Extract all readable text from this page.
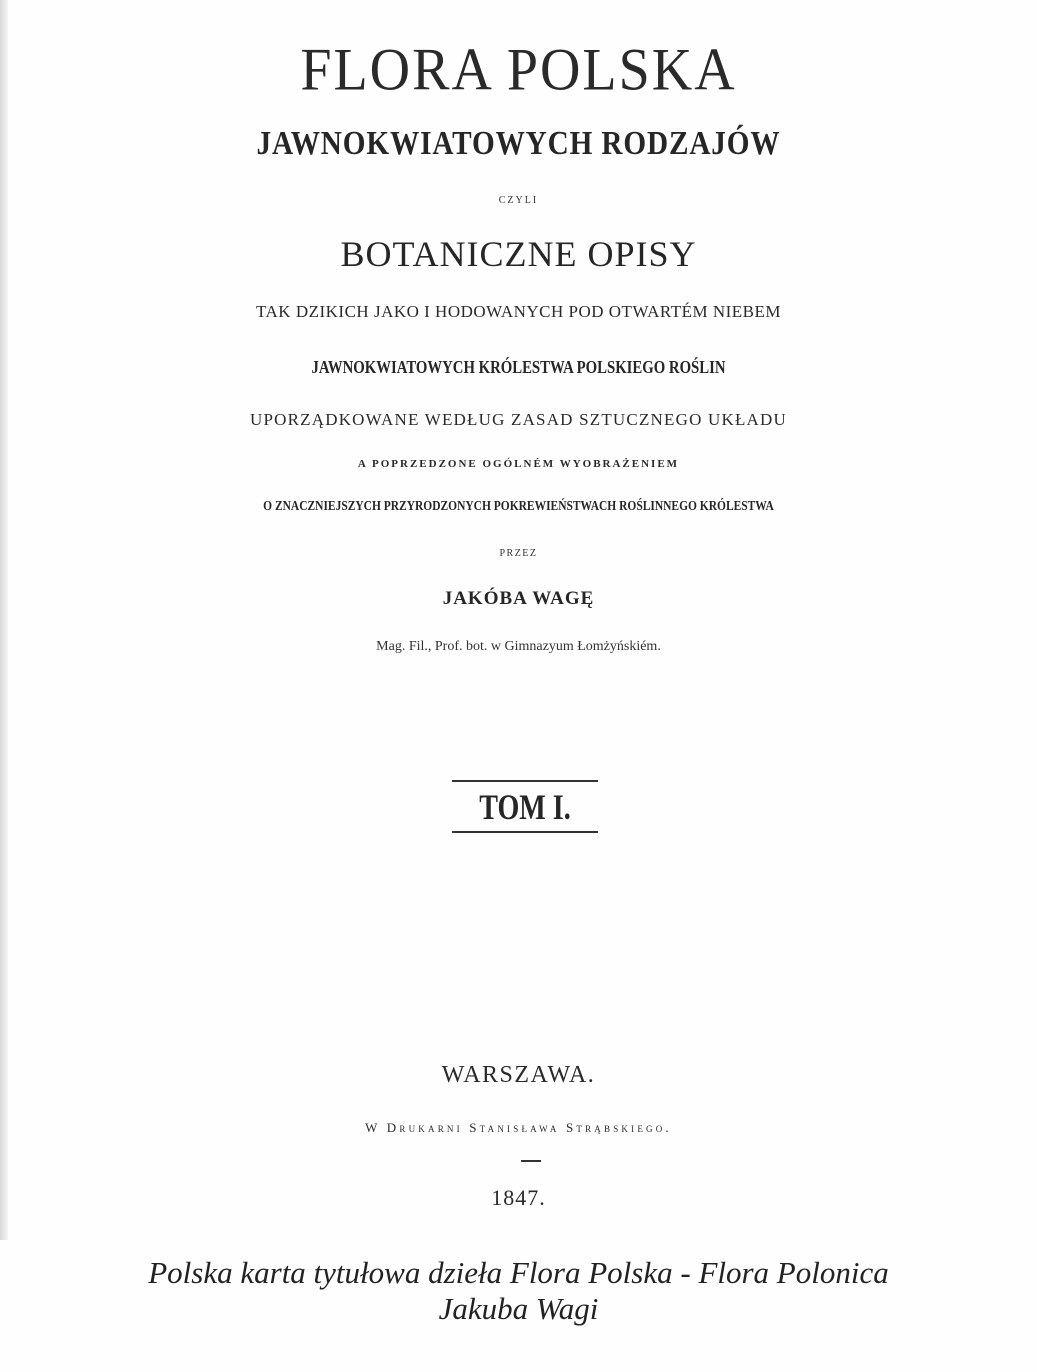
FLORA POLSKA
JAWNOKWIATOWYCH RODZAJÓW
CZYLI
BOTANICZNE OPISY
TAK DZIKICH JAKO I HODOWANYCH POD OTWARTÉM NIEBEM
JAWNOKWIATOWYCH KRÓLESTWA POLSKIEGO ROŚLIN
UPORZĄDKOWANE WEDŁUG ZASAD SZTUCZNEGO UKŁADU
A POPRZEDZONE OGÓLNÉM WYOBRAŻENIEM
O ZNACZNIEJSZYCH PRZYRODZONYCH POKREWIEŃSTWACH ROŚLINNEGO KRÓLESTWA
PRZEZ
JAKÓBA WAGĘ
Mag. Fil., Prof. bot. w Gimnazyum Łomżyńskiém.
TOM I.
WARSZAWA.
W Drukarni Stanisława Strąbskiego.
1847.
Polska karta tytułowa dzieła Flora Polska - Flora Polonica
Jakuba Wagi
